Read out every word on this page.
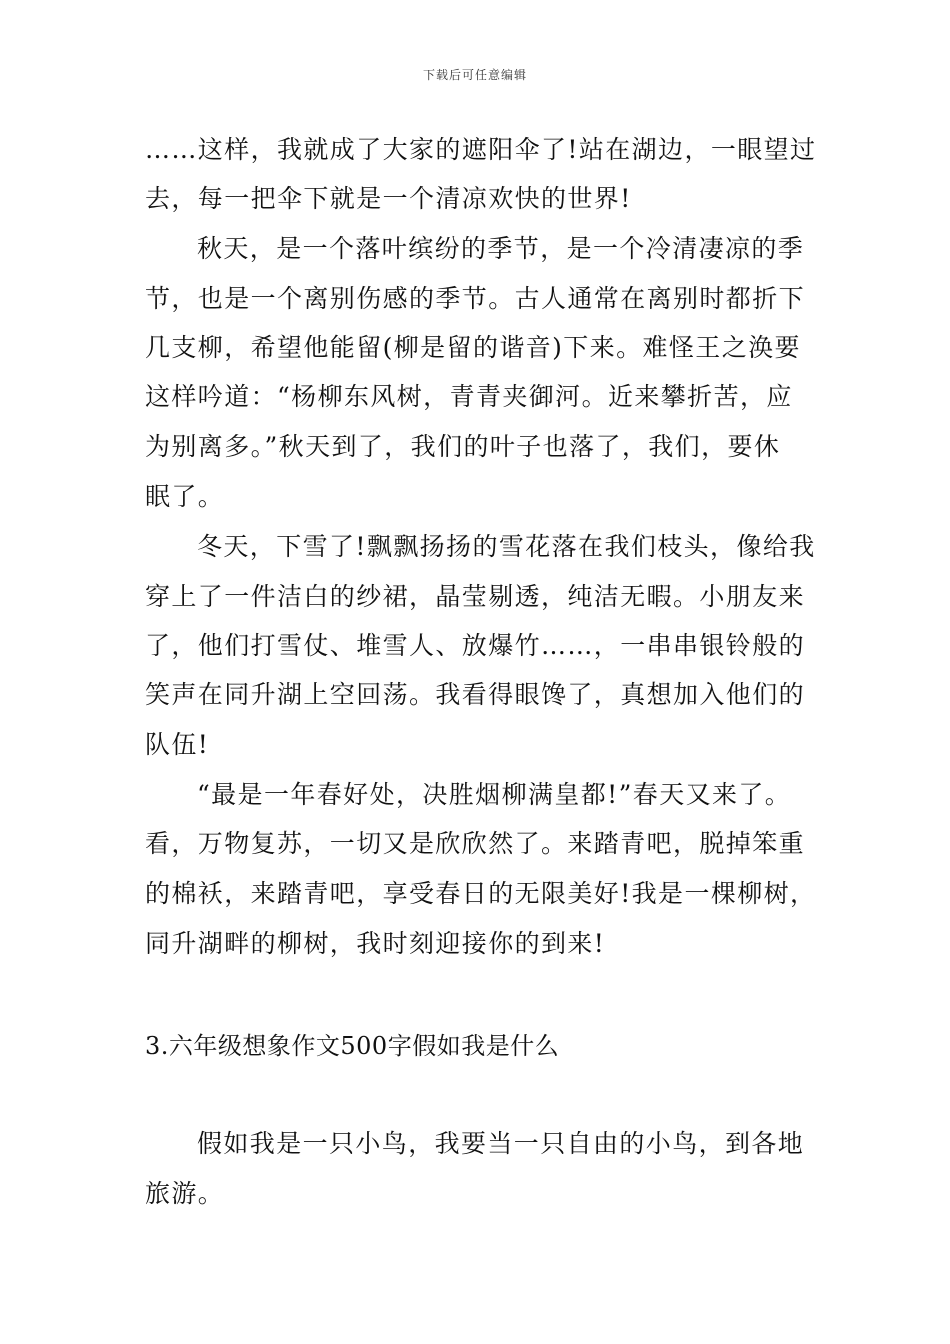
下载后可任意编辑
……这样，我就成了大家的遮阳伞了!站在湖边，一眼望过
去，每一把伞下就是一个清凉欢快的世界!
秋天，是一个落叶缤纷的季节，是一个冷清凄凉的季
节，也是一个离别伤感的季节。古人通常在离别时都折下
几支柳，希望他能留(柳是留的谐音)下来。难怪王之涣要
这样吟道：“杨柳东风树，青青夹御河。近来攀折苦，应
为别离多。”秋天到了，我们的叶子也落了，我们，要休
眠了。
冬天，下雪了!飘飘扬扬的雪花落在我们枝头，像给我
穿上了一件洁白的纱裙，晶莹剔透，纯洁无暇。小朋友来
了，他们打雪仗、堆雪人、放爆竹……，一串串银铃般的
笑声在同升湖上空回荡。我看得眼馋了，真想加入他们的
队伍!
“最是一年春好处，决胜烟柳满皇都!”春天又来了。
看，万物复苏，一切又是欣欣然了。来踏青吧，脱掉笨重
的棉袄，来踏青吧，享受春日的无限美好!我是一棵柳树，
同升湖畔的柳树，我时刻迎接你的到来!
3.六年级想象作文500字假如我是什么
假如我是一只小鸟，我要当一只自由的小鸟，到各地
旅游。
